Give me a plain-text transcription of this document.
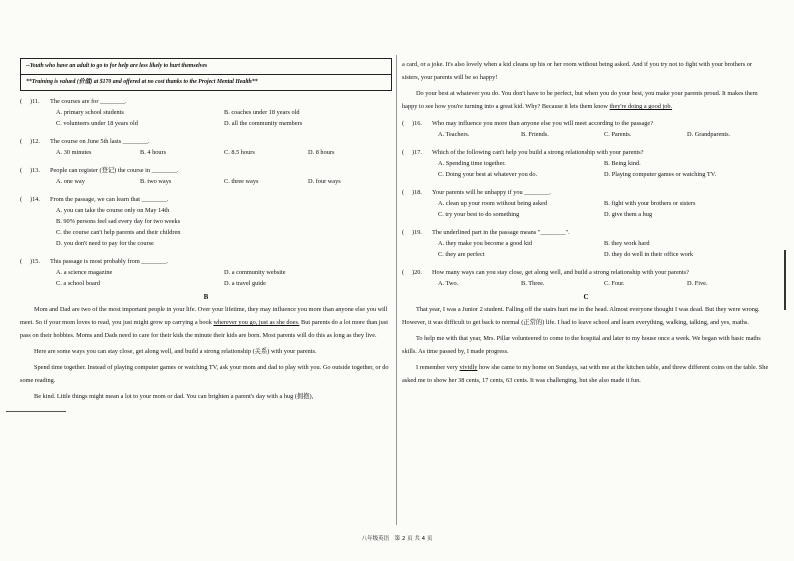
--Youth who have an adult to go to for help are less likely to hurt themselves
**Training is valued (价值) at $170 and offered at no cost thanks to the Project Mental Health**
(     )11.	The courses are for ________.
A. primary school students	B. coaches under 18 years old
C. volunteers under 18 years old	D. all the community members
(     )12.	The course on June 5th lasts ________.
A. 30 minutes	B. 4 hours	C. 8.5 hours	D. 8 hours
(     )13.	People can register (登记) the course in ________.
A. one way	B. two ways	C. three ways	D. four ways
(     )14.	From the passage, we can learn that ________.
A. you can take the course only on May 14th
B. 90% persons feel sad every day for two weeks
C. the course can't help parents and their children
D. you don't need to pay for the course
(     )15.	This passage is most probably from ________.
A. a science magazine	D. a community website
C. a school board	D. a travel guide
B

Mom and Dad are two of the most important people in your life. Over your lifetime, they may influence you more than anyone else you will meet. So if your mom loves to read, you just might grow up carrying a book wherever you go, just as she does. But parents do a lot more than just pass on their hobbies. Moms and Dads need to care for their kids the minute their kids are born. Most parents will do this as long as they live.

Here are some ways you can stay close, get along well, and build a strong relationship (关系) with your parents.

Spend time together. Instead of playing computer games or watching TV, ask your mom and dad to play with you. Go outside together, or do some reading.

Be kind. Little things might mean a lot to your mom or dad. You can brighten a parent's day with a hug (拥抱),

a card, or a joke. It's also lovely when a kid cleans up his or her room without being asked. And if you try not to fight with your brothers or sisters, your parents will be so happy!

Do your best at whatever you do. You don't have to be perfect, but when you do your best, you make your parents proud. It makes them happy to see how you're turning into a great kid. Why? Because it lets them know they're doing a good job.

(     )16.	Who may influence you more than anyone else you will meet according to the passage?
A. Teachers.	B. Friends.	C. Parents.	D. Grandparents.
(     )17.	Which of the following can't help you build a strong relationship with your parents?
A. Spending time together.	B. Being kind.
C. Doing your best at whatever you do.	D. Playing computer games or watching TV.
(     )18.	Your parents will be unhappy if you ________.
A. clean up your room without being asked	B. fight with your brothers or sisters
C. try your best to do something	D. give them a hug
(     )19.	The underlined part in the passage means "________".
A. they make you become a good kid	B. they work hard
C. they are perfect	D. they do well in their office work
(     )20.	How many ways can you stay close, get along well, and build a strong relationship with your parents?
A. Two.	B. Three.	C. Four.	D. Five.
C

That year, I was a Junior 2 student. Falling off the stairs hurt me in the head. Almost everyone thought I was dead. But they were wrong. However, it was difficult to get back to normal (正常的) life. I had to leave school and learn everything, walking, talking, and yes, maths.

To help me with that year, Mrs. Pillar volunteered to come to the hospital and later to my house once a week. We began with basic maths skills. As time passed by, I made progress.

I remember very vividly how she came to my home on Sundays, sat with me at the kitchen table, and threw different coins on the table. She asked me to show her 38 cents, 17 cents, 63 cents. It was challenging, but she also made it fun.

八年级英语　第 2 页 共 4 页
